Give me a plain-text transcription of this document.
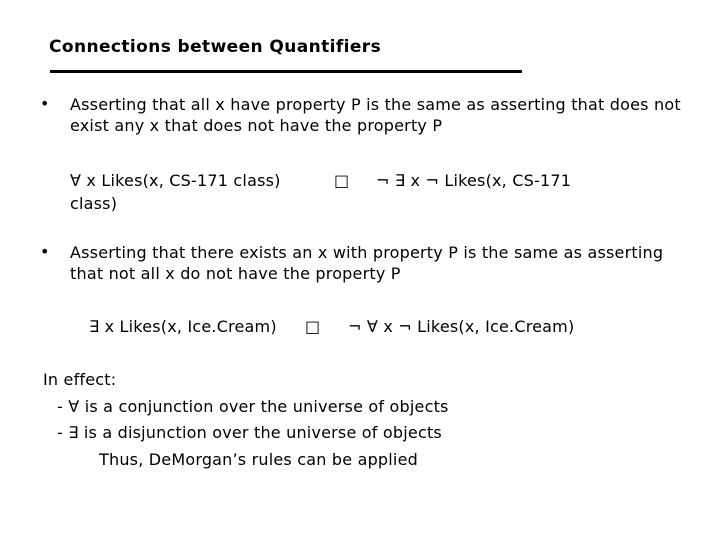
Connections between Quantifiers
• Asserting that all x have property P is the same as asserting that does not exist any x that does not have the property P
∀ x Likes(x, CS-171 class)	□ ¬ ∃ x ¬ Likes(x, CS-171
class)
• Asserting that there exists an x with property P is the same as asserting that not all x do not have the property P
∃ x Likes(x, Ice.Cream) □ ¬ ∀ x ¬ Likes(x, Ice.Cream)
In effect:
- ∀ is a conjunction over the universe of objects
- ∃ is a disjunction over the universe of objects
Thus, DeMorgan’s rules can be applied
